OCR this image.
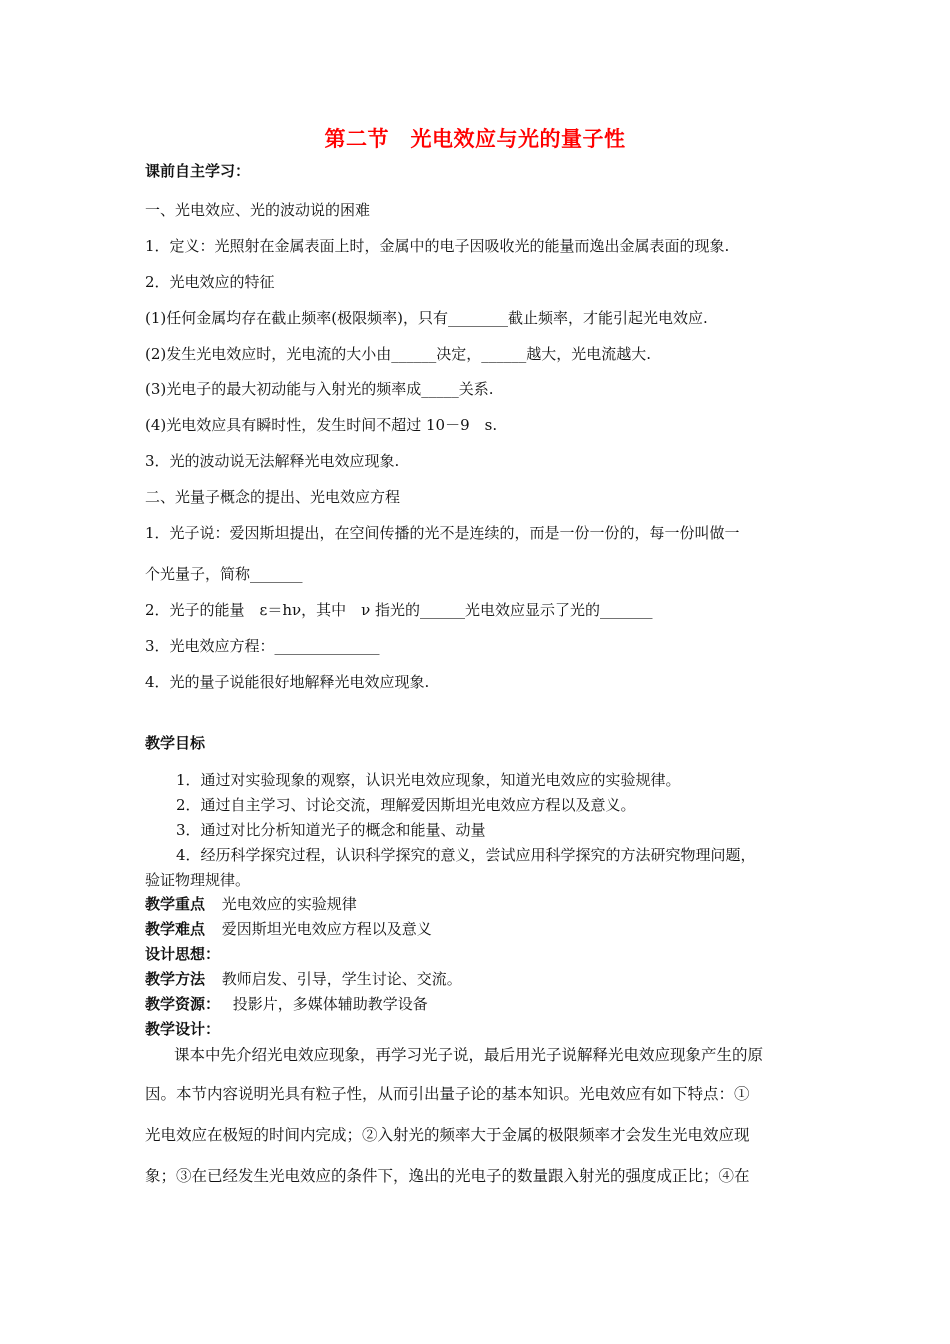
第二节　光电效应与光的量子性
课前自主学习：
一、光电效应、光的波动说的困难
1．定义：光照射在金属表面上时，金属中的电子因吸收光的能量而逸出金属表面的现象.
2．光电效应的特征
(1)任何金属均存在截止频率(极限频率)，只有________截止频率，才能引起光电效应.
(2)发生光电效应时，光电流的大小由______决定，______越大，光电流越大.
(3)光电子的最大初动能与入射光的频率成_____关系.
(4)光电效应具有瞬时性，发生时间不超过 10－9　s.
3．光的波动说无法解释光电效应现象.
二、光量子概念的提出、光电效应方程
1．光子说：爱因斯坦提出，在空间传播的光不是连续的，而是一份一份的，每一份叫做一
个光量子，简称_______
2．光子的能量　ε＝hν，其中　ν 指光的______光电效应显示了光的_______
3．光电效应方程：______________
4．光的量子说能很好地解释光电效应现象.
教学目标
1．通过对实验现象的观察，认识光电效应现象，知道光电效应的实验规律。
2．通过自主学习、讨论交流，理解爱因斯坦光电效应方程以及意义。
3．通过对比分析知道光子的概念和能量、动量
4．经历科学探究过程，认识科学探究的意义，尝试应用科学探究的方法研究物理问题，
验证物理规律。
教学重点 光电效应的实验规律
教学难点 爱因斯坦光电效应方程以及意义
设计思想：
教学方法 教师启发、引导，学生讨论、交流。
教学资源： 投影片，多媒体辅助教学设备
教学设计：
课本中先介绍光电效应现象，再学习光子说，最后用光子说解释光电效应现象产生的原
因。本节内容说明光具有粒子性，从而引出量子论的基本知识。光电效应有如下特点：①
光电效应在极短的时间内完成；②入射光的频率大于金属的极限频率才会发生光电效应现
象；③在已经发生光电效应的条件下，逸出的光电子的数量跟入射光的强度成正比；④在
